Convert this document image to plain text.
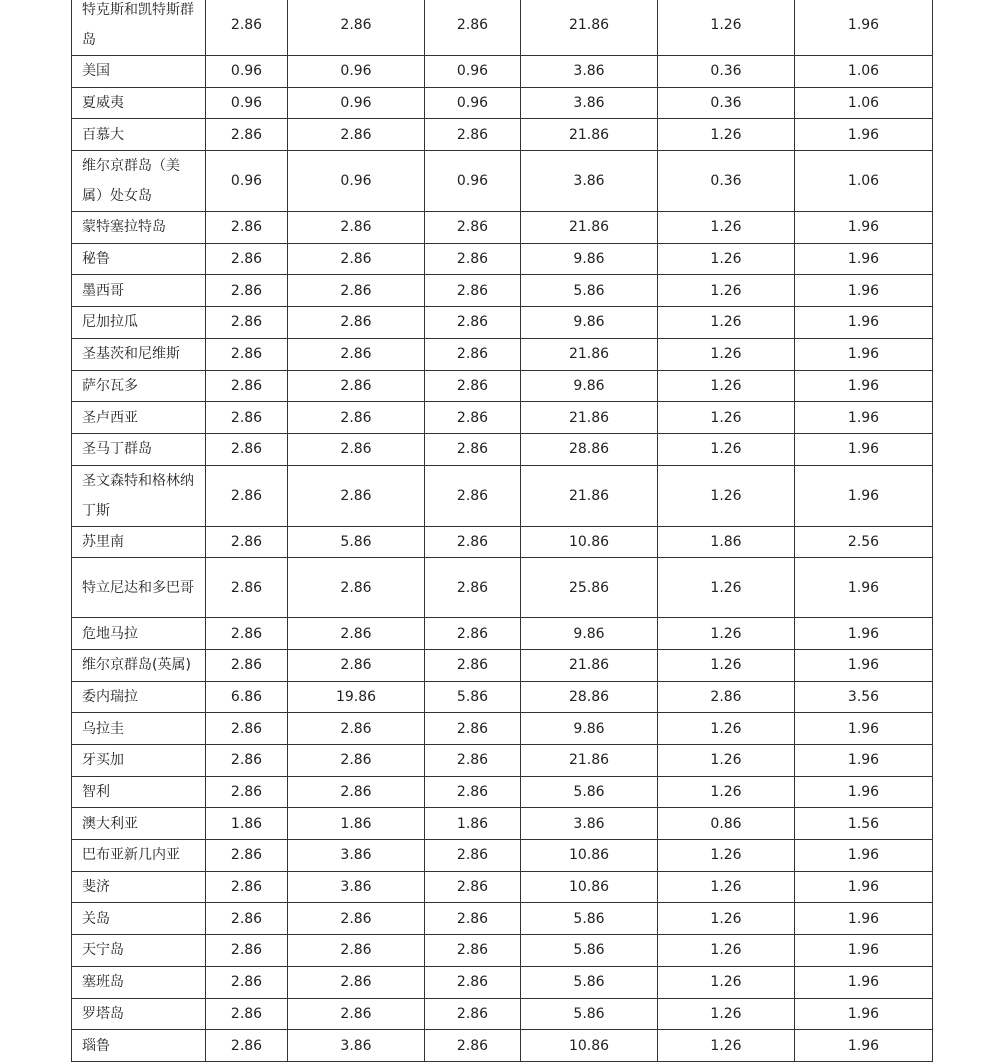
特克斯和凯特斯群岛	2.86	2.86	2.86	21.86	1.26	1.96
美国	0.96	0.96	0.96	3.86	0.36	1.06
夏威夷	0.96	0.96	0.96	3.86	0.36	1.06
百慕大	2.86	2.86	2.86	21.86	1.26	1.96
维尔京群岛（美属）处女岛	0.96	0.96	0.96	3.86	0.36	1.06
蒙特塞拉特岛	2.86	2.86	2.86	21.86	1.26	1.96
秘鲁	2.86	2.86	2.86	9.86	1.26	1.96
墨西哥	2.86	2.86	2.86	5.86	1.26	1.96
尼加拉瓜	2.86	2.86	2.86	9.86	1.26	1.96
圣基茨和尼维斯	2.86	2.86	2.86	21.86	1.26	1.96
萨尔瓦多	2.86	2.86	2.86	9.86	1.26	1.96
圣卢西亚	2.86	2.86	2.86	21.86	1.26	1.96
圣马丁群岛	2.86	2.86	2.86	28.86	1.26	1.96
圣文森特和格林纳丁斯	2.86	2.86	2.86	21.86	1.26	1.96
苏里南	2.86	5.86	2.86	10.86	1.86	2.56
特立尼达和多巴哥	2.86	2.86	2.86	25.86	1.26	1.96
危地马拉	2.86	2.86	2.86	9.86	1.26	1.96
维尔京群岛(英属)	2.86	2.86	2.86	21.86	1.26	1.96
委内瑞拉	6.86	19.86	5.86	28.86	2.86	3.56
乌拉圭	2.86	2.86	2.86	9.86	1.26	1.96
牙买加	2.86	2.86	2.86	21.86	1.26	1.96
智利	2.86	2.86	2.86	5.86	1.26	1.96
澳大利亚	1.86	1.86	1.86	3.86	0.86	1.56
巴布亚新几内亚	2.86	3.86	2.86	10.86	1.26	1.96
斐济	2.86	3.86	2.86	10.86	1.26	1.96
关岛	2.86	2.86	2.86	5.86	1.26	1.96
天宁岛	2.86	2.86	2.86	5.86	1.26	1.96
塞班岛	2.86	2.86	2.86	5.86	1.26	1.96
罗塔岛	2.86	2.86	2.86	5.86	1.26	1.96
瑙鲁	2.86	3.86	2.86	10.86	1.26	1.96
